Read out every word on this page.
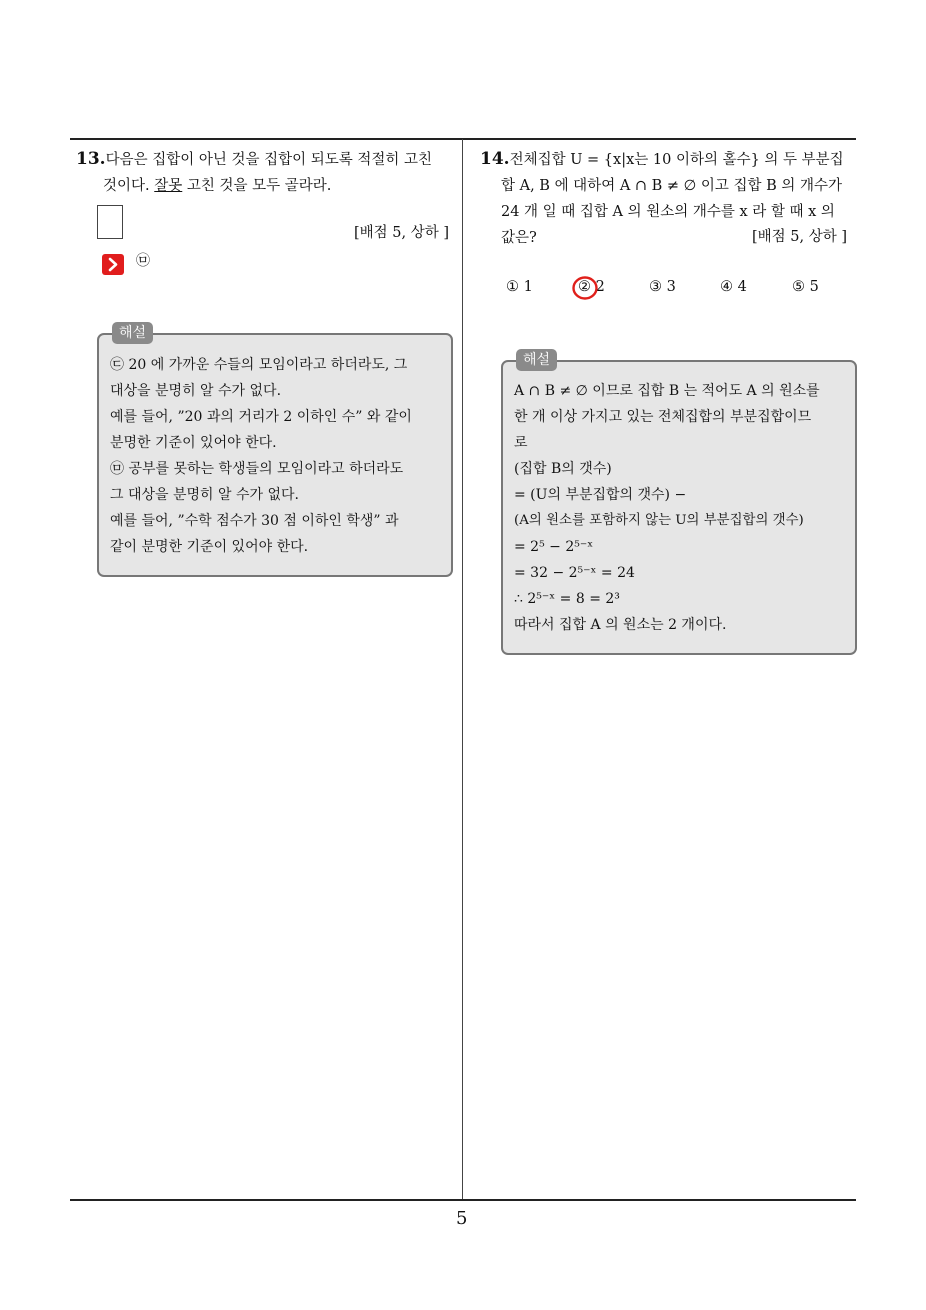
13.다음은 집합이 아닌 것을 집합이 되도록 적절히 고친
것이다. 잘못 고친 것을 모두 골라라.
[배점 5, 상하 ]
㉤
해설
㉢ 20 에 가까운 수들의 모임이라고 하더라도, 그
대상을 분명히 알 수가 없다.
예를 들어, ”20 과의 거리가 2 이하인 수” 와 같이
분명한 기준이 있어야 한다.
㉤ 공부를 못하는 학생들의 모임이라고 하더라도
그 대상을 분명히 알 수가 없다.
예를 들어, ”수학 점수가 30 점 이하인 학생” 과
같이 분명한 기준이 있어야 한다.
14.전체집합 U = {x|x는 10 이하의 홀수} 의 두 부분집
합 A, B 에 대하여 A ∩ B ≠ ∅ 이고 집합 B 의 개수가
24 개 일 때 집합 A 의 원소의 개수를 x 라 할 때 x 의
값은?	[배점 5, 상하 ]
① 1	② 2	③ 3	④ 4	⑤ 5
해설
A ∩ B ≠ ∅ 이므로 집합 B 는 적어도 A 의 원소를
한 개 이상 가지고 있는 전체집합의 부분집합이므
로
(집합 B의 갯수)
= (U의 부분집합의 갯수) −
(A의 원소를 포함하지 않는 U의 부분집합의 갯수)
= 2⁵ − 2⁵⁻ˣ
= 32 − 2⁵⁻ˣ = 24
∴ 2⁵⁻ˣ = 8 = 2³
따라서 집합 A 의 원소는 2 개이다.
5
